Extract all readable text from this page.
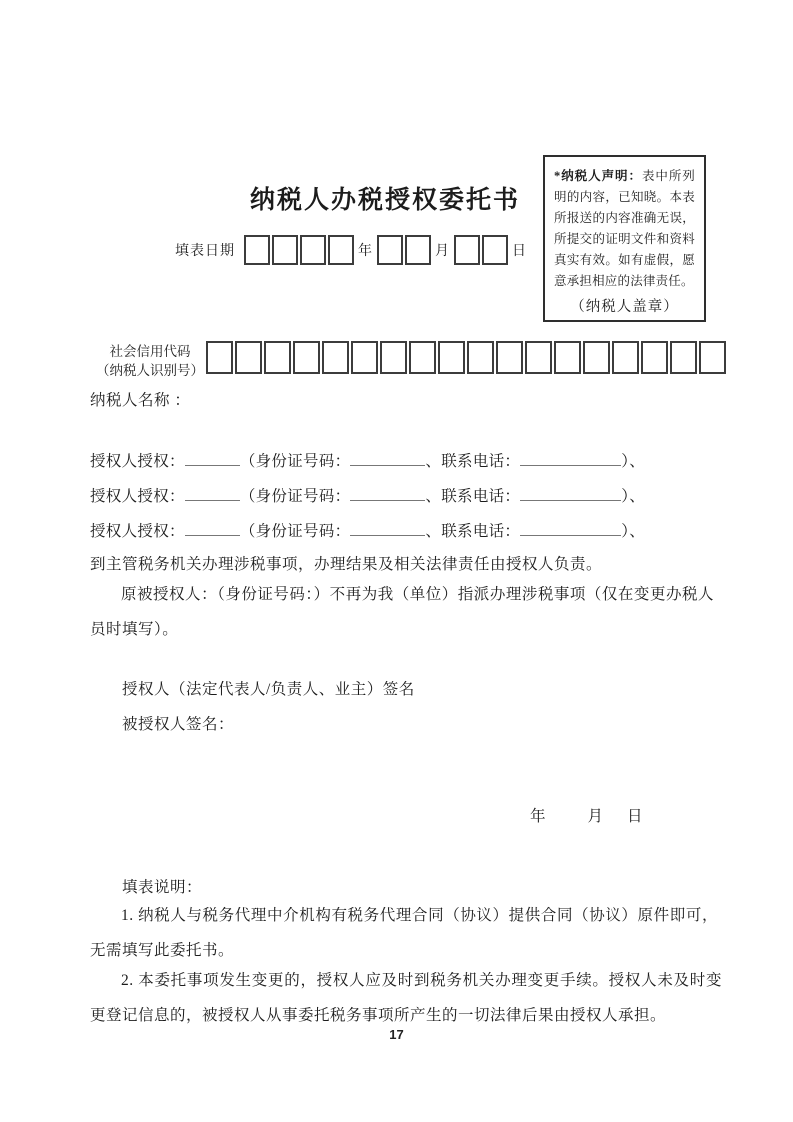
纳税人办税授权委托书

*纳税人声明：表中所列明的内容，已知晓。本表所报送的内容准确无误，所提交的证明文件和资料真实有效。如有虚假，愿意承担相应的法律责任。

（纳税人盖章）

填表日期	年	月	日
社会信用代码
（纳税人识别号）
纳税人名称 ：
授权人授权：	（身份证号码：	、联系电话：	）、
授权人授权：	（身份证号码：	、联系电话：	）、
授权人授权：	（身份证号码：	、联系电话：	）、
到主管税务机关办理涉税事项，办理结果及相关法律责任由授权人负责。
原被授权人：（身份证号码：）不再为我（单位）指派办理涉税事项（仅在变更办税人员时填写）。
授权人（法定代表人/负责人、业主）签名
被授权人签名：
年	月 日
填表说明：
1. 纳税人与税务代理中介机构有税务代理合同（协议）提供合同（协议）原件即可，无需填写此委托书。
2. 本委托事项发生变更的，授权人应及时到税务机关办理变更手续。授权人未及时变更登记信息的，被授权人从事委托税务事项所产生的一切法律后果由授权人承担。
17
